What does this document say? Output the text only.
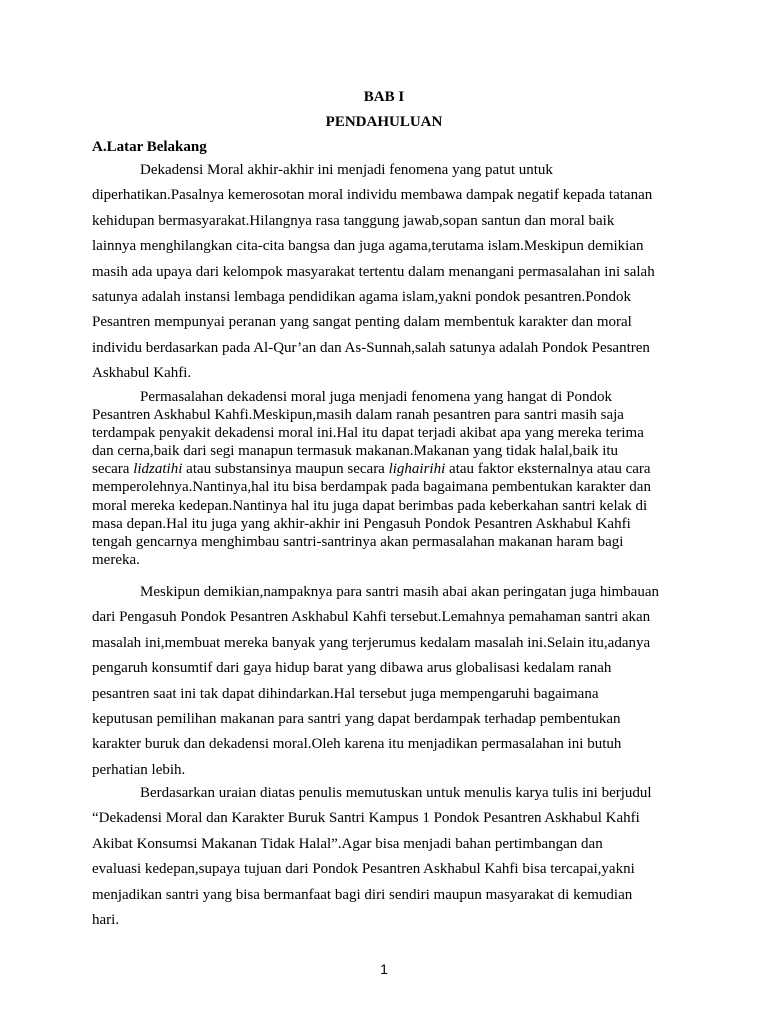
BAB I
PENDAHULUAN
A.Latar Belakang
Dekadensi Moral akhir-akhir ini menjadi fenomena yang patut untuk
diperhatikan.Pasalnya kemerosotan moral individu membawa dampak negatif kepada tatanan
kehidupan bermasyarakat.Hilangnya rasa tanggung jawab,sopan santun dan moral baik
lainnya menghilangkan cita-cita bangsa dan juga agama,terutama islam.Meskipun demikian
masih ada upaya dari kelompok masyarakat tertentu dalam menangani permasalahan ini salah
satunya adalah instansi lembaga pendidikan agama islam,yakni pondok pesantren.Pondok
Pesantren mempunyai peranan yang sangat penting dalam membentuk karakter dan moral
individu berdasarkan pada Al-Qur’an dan As-Sunnah,salah satunya adalah Pondok Pesantren
Askhabul Kahfi.
Permasalahan dekadensi moral juga menjadi fenomena yang hangat di Pondok
Pesantren Askhabul Kahfi.Meskipun,masih dalam ranah pesantren para santri masih saja
terdampak penyakit dekadensi moral ini.Hal itu dapat terjadi akibat apa yang mereka terima
dan cerna,baik dari segi manapun termasuk makanan.Makanan yang tidak halal,baik itu
secara lidzatihi atau substansinya maupun secara lighairihi atau faktor eksternalnya atau cara
memperolehnya.Nantinya,hal itu bisa berdampak pada bagaimana pembentukan karakter dan
moral mereka kedepan.Nantinya hal itu juga dapat berimbas pada keberkahan santri kelak di
masa depan.Hal itu juga yang akhir-akhir ini Pengasuh Pondok Pesantren Askhabul Kahfi
tengah gencarnya menghimbau santri-santrinya akan permasalahan makanan haram bagi
mereka.
Meskipun demikian,nampaknya para santri masih abai akan peringatan juga himbauan
dari Pengasuh Pondok Pesantren Askhabul Kahfi tersebut.Lemahnya pemahaman santri akan
masalah ini,membuat mereka banyak yang terjerumus kedalam masalah ini.Selain itu,adanya
pengaruh konsumtif dari gaya hidup barat yang dibawa arus globalisasi kedalam ranah
pesantren saat ini tak dapat dihindarkan.Hal tersebut juga mempengaruhi bagaimana
keputusan pemilihan makanan para santri yang dapat berdampak terhadap pembentukan
karakter buruk dan dekadensi moral.Oleh karena itu menjadikan permasalahan ini butuh
perhatian lebih.
Berdasarkan uraian diatas penulis memutuskan untuk menulis karya tulis ini berjudul
“Dekadensi Moral dan Karakter Buruk Santri Kampus 1 Pondok Pesantren Askhabul Kahfi
Akibat Konsumsi Makanan Tidak Halal”.Agar bisa menjadi bahan pertimbangan dan
evaluasi kedepan,supaya tujuan dari Pondok Pesantren Askhabul Kahfi bisa tercapai,yakni
menjadikan santri yang bisa bermanfaat bagi diri sendiri maupun masyarakat di kemudian
hari.

1
